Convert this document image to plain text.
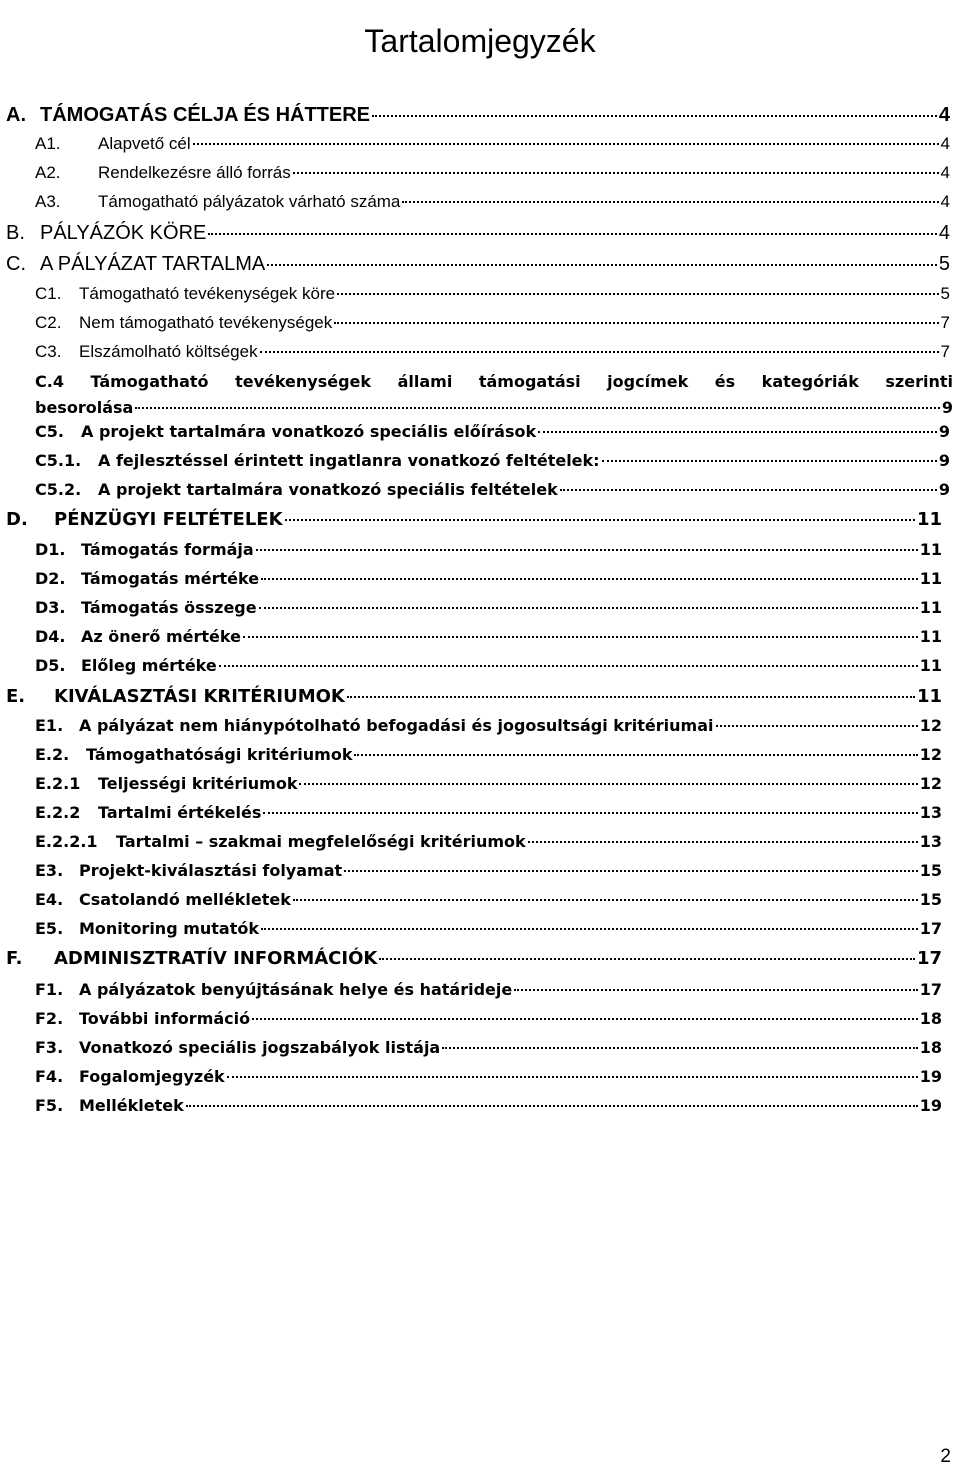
Tartalomjegyzék
A. TÁMOGATÁS CÉLJA ÉS HÁTTERE	4
A1.	Alapvető cél	4
A2.	Rendelkezésre álló forrás	4
A3.	Támogatható pályázatok várható száma	4
B. PÁLYÁZÓK KÖRE	4
C. A PÁLYÁZAT TARTALMA	5
C1.	Támogatható tevékenységek köre	5
C2.	Nem támogatható tevékenységek	7
C3.	Elszámolható költségek	7
C.4 Támogatható tevékenységek állami támogatási jogcímek és kategóriák szerinti
besorolása	9
C5.	A projekt tartalmára vonatkozó speciális előírások	9
C5.1.	A fejlesztéssel érintett ingatlanra vonatkozó feltételek:	9
C5.2.	A projekt tartalmára vonatkozó speciális feltételek	9
D.	PÉNZÜGYI FELTÉTELEK	11
D1. Támogatás formája	11
D2. Támogatás mértéke	11
D3. Támogatás összege	11
D4. Az önerő mértéke	11
D5. Előleg mértéke	11
E.	KIVÁLASZTÁSI KRITÉRIUMOK	11
E1. A pályázat nem hiánypótolható befogadási és jogosultsági kritériumai	12
E.2.	Támogathatósági kritériumok	12
E.2.1	Teljességi kritériumok	12
E.2.2	Tartalmi értékelés	13
E.2.2.1	Tartalmi – szakmai megfelelőségi kritériumok	13
E3. Projekt-kiválasztási folyamat	15
E4. Csatolandó mellékletek	15
E5. Monitoring mutatók	17
F.	ADMINISZTRATÍV INFORMÁCIÓK	17
F1. A pályázatok benyújtásának helye és határideje	17
F2. További információ	18
F3. Vonatkozó speciális jogszabályok listája	18
F4. Fogalomjegyzék	19
F5. Mellékletek	19
2
